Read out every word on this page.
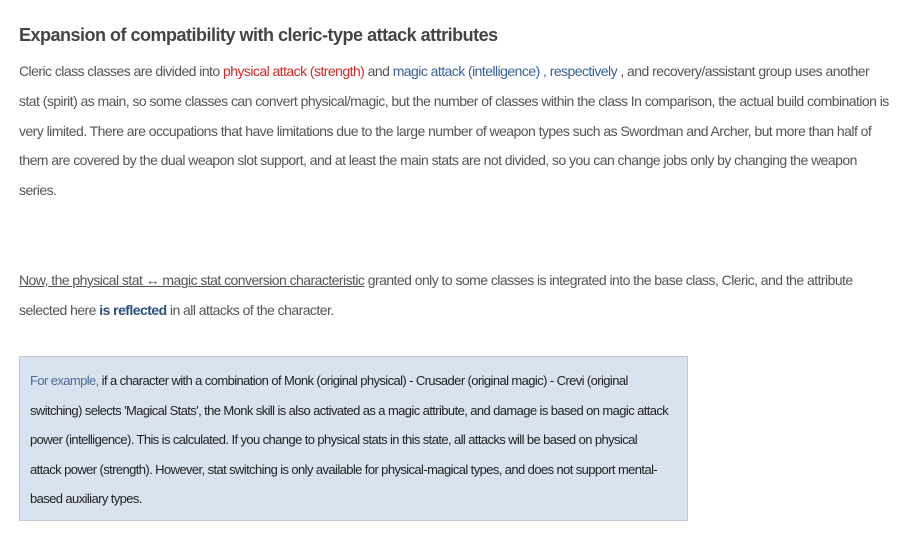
Expansion of compatibility with cleric-type attack attributes

Cleric class classes are divided into physical attack (strength) and magic attack (intelligence) , respectively , and recovery/assistant group uses another stat (spirit) as main, so some classes can convert physical/magic, but the number of classes within the class In comparison, the actual build combination is very limited. There are occupations that have limitations due to the large number of weapon types such as Swordman and Archer, but more than half of them are covered by the dual weapon slot support, and at least the main stats are not divided, so you can change jobs only by changing the weapon series.

Now, the physical stat ↔ magic stat conversion characteristic granted only to some classes is integrated into the base class, Cleric, and the attribute selected here is reflected in all attacks of the character.

For example, if a character with a combination of Monk (original physical) - Crusader (original magic) - Crevi (original switching) selects 'Magical Stats', the Monk skill is also activated as a magic attribute, and damage is based on magic attack power (intelligence). This is calculated. If you change to physical stats in this state, all attacks will be based on physical attack power (strength). However, stat switching is only available for physical-magical types, and does not support mental-based auxiliary types.
